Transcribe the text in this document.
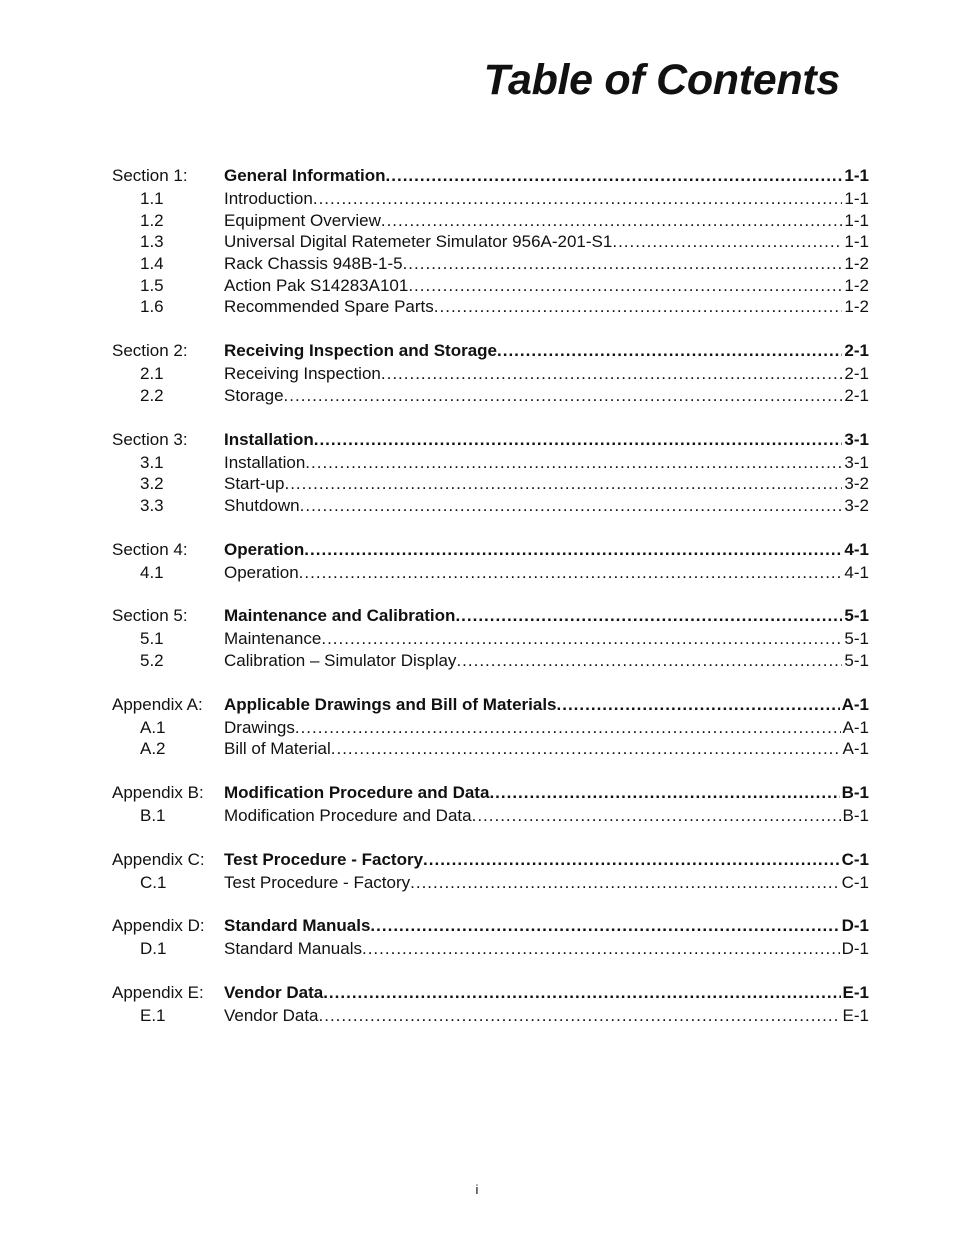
Table of Contents
Section 1:	General Information .....	1-1
1.1	Introduction .....	1-1
1.2	Equipment Overview .....	1-1
1.3	Universal Digital Ratemeter Simulator 956A-201-S1 .....	1-1
1.4	Rack Chassis 948B-1-5 .....	1-2
1.5	Action Pak S14283A101 .....	1-2
1.6	Recommended Spare Parts .....	1-2
Section 2:	Receiving Inspection and Storage .....	2-1
2.1	Receiving Inspection .....	2-1
2.2	Storage .....	2-1
Section 3:	Installation .....	3-1
3.1	Installation .....	3-1
3.2	Start-up .....	3-2
3.3	Shutdown .....	3-2
Section 4:	Operation .....	4-1
4.1	Operation .....	4-1
Section 5:	Maintenance and Calibration .....	5-1
5.1	Maintenance .....	5-1
5.2	Calibration – Simulator Display .....	5-1
Appendix A:	Applicable Drawings and Bill of Materials .....	A-1
A.1	Drawings .....	A-1
A.2	Bill of Material .....	A-1
Appendix B:	Modification Procedure and Data .....	B-1
B.1	Modification Procedure and Data .....	B-1
Appendix C:	Test Procedure - Factory .....	C-1
C.1	Test Procedure - Factory .....	C-1
Appendix D:	Standard Manuals .....	D-1
D.1	Standard Manuals .....	D-1
Appendix E:	Vendor Data .....	E-1
E.1	Vendor Data .....	E-1
i
